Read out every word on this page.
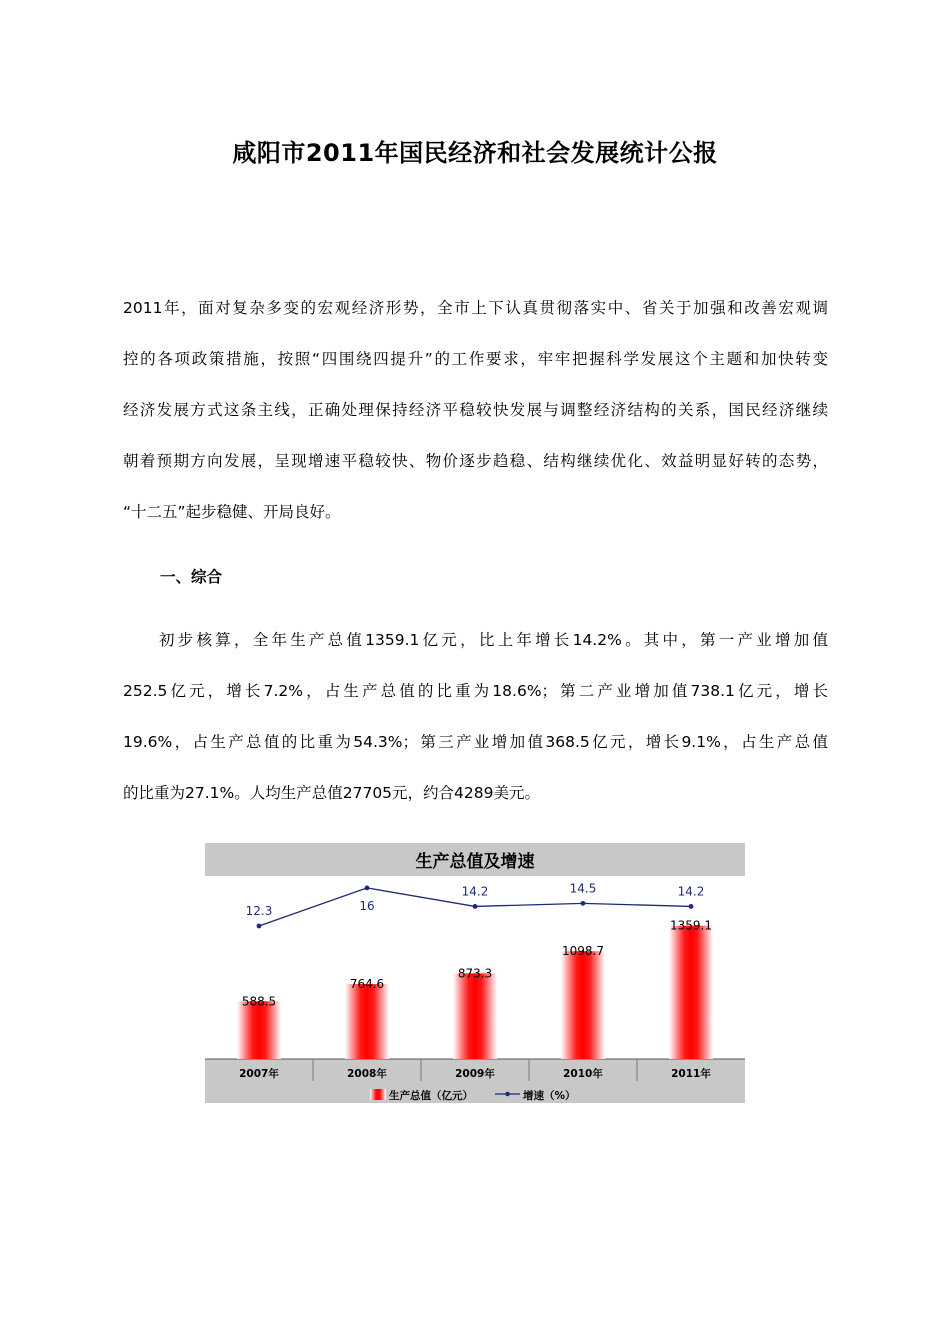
咸阳市2011年国民经济和社会发展统计公报
2011年，面对复杂多变的宏观经济形势，全市上下认真贯彻落实中、省关于加强和改善宏观调
控的各项政策措施，按照“四围绕四提升”的工作要求，牢牢把握科学发展这个主题和加快转变
经济发展方式这条主线，正确处理保持经济平稳较快发展与调整经济结构的关系，国民经济继续
朝着预期方向发展，呈现增速平稳较快、物价逐步趋稳、结构继续优化、效益明显好转的态势，
“十二五”起步稳健、开局良好。
一、综合
初步核算，全年生产总值1359.1亿元，比上年增长14.2%。其中，第一产业增加值
252.5亿元，增长7.2%，占生产总值的比重为18.6%；第二产业增加值738.1亿元，增长
19.6%，占生产总值的比重为54.3%；第三产业增加值368.5亿元，增长9.1%，占生产总值
的比重为27.1%。人均生产总值27705元，约合4289美元。
生产总值及增速
588.5
764.6
873.3
1098.7
1359.1
12.3	16
14.2	14.5	14.2
2007年	2008年	2009年	2010年	2011年
生产总值（亿元）	增速（%）
